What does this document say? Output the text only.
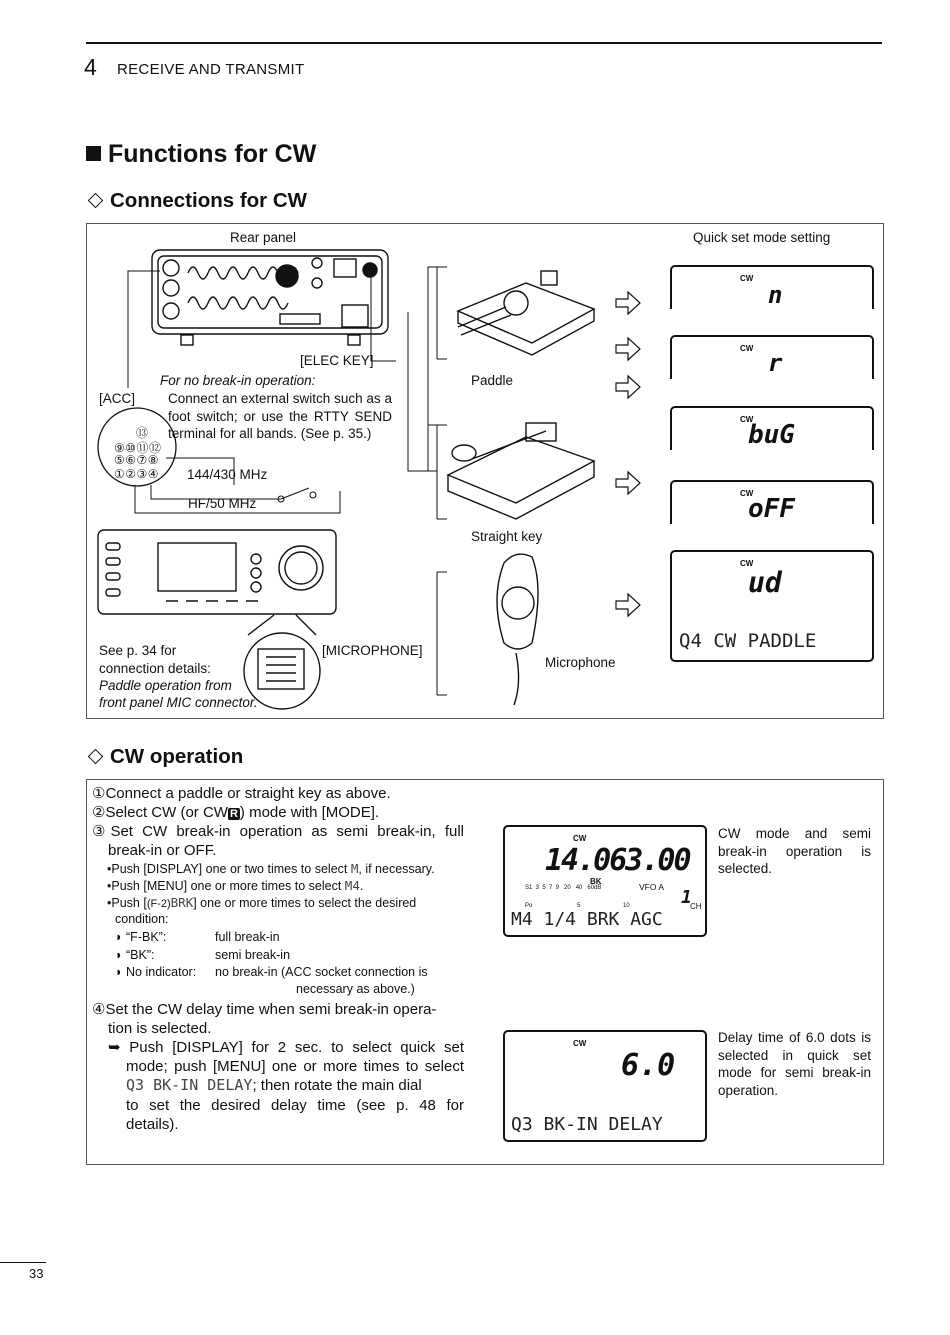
4 RECEIVE AND TRANSMIT
Functions for CW
Connections for CW
Rear panel	Quick set mode setting
[ELEC KEY]
[ACC]
For no break-in operation:
Connect an external switch such as a foot switch; or use the RTTY SEND terminal for all bands. (See p. 35.)
⑬
⑨⑩⑪⑫
⑤⑥⑦⑧
①②③④ 144/430 MHz
HF/50 MHz
Paddle
Straight key
Microphone
[MICROPHONE]
See p. 34 for
connection details:
Paddle operation from
front panel MIC connector.
CW
n
CW
r
CW
buG
CW
oFF
CW
ud
Q4 CW PADDLE
CW operation
①Connect a paddle or straight key as above.
②Select CW (or CW R ) mode with [MODE].
③Set CW break-in operation as semi break-in, full
break-in or OFF.
•Push [DISPLAY] one or two times to select M, if necessary.
•Push [MENU] one or more times to select M4.
•Push [(F-2)BRK] one or more times to select the desired
condition:
◗ “F-BK”:	full break-in
◗ “BK”:	semi break-in
◗ No indicator: no break-in (ACC socket connection is
necessary as above.)
④Set the CW delay time when semi break-in opera-
tion is selected.
➥ Push [DISPLAY] for 2 sec. to select quick set
mode; push [MENU] one or more times to select
Q3 BK-IN DELAY; then rotate the main dial
to set the desired delay time (see p. 48 for
details).
CW
14.063.00
BK
S1  3  5  7  9   20   40   60dB	VFO A
Po	5	10	1
CH
M4 1/4 BRK AGC
CW mode and semi break-in operation is selected.
CW
6.0
Q3 BK-IN DELAY
Delay time of 6.0 dots is selected in quick set mode for semi break-in operation.
33
